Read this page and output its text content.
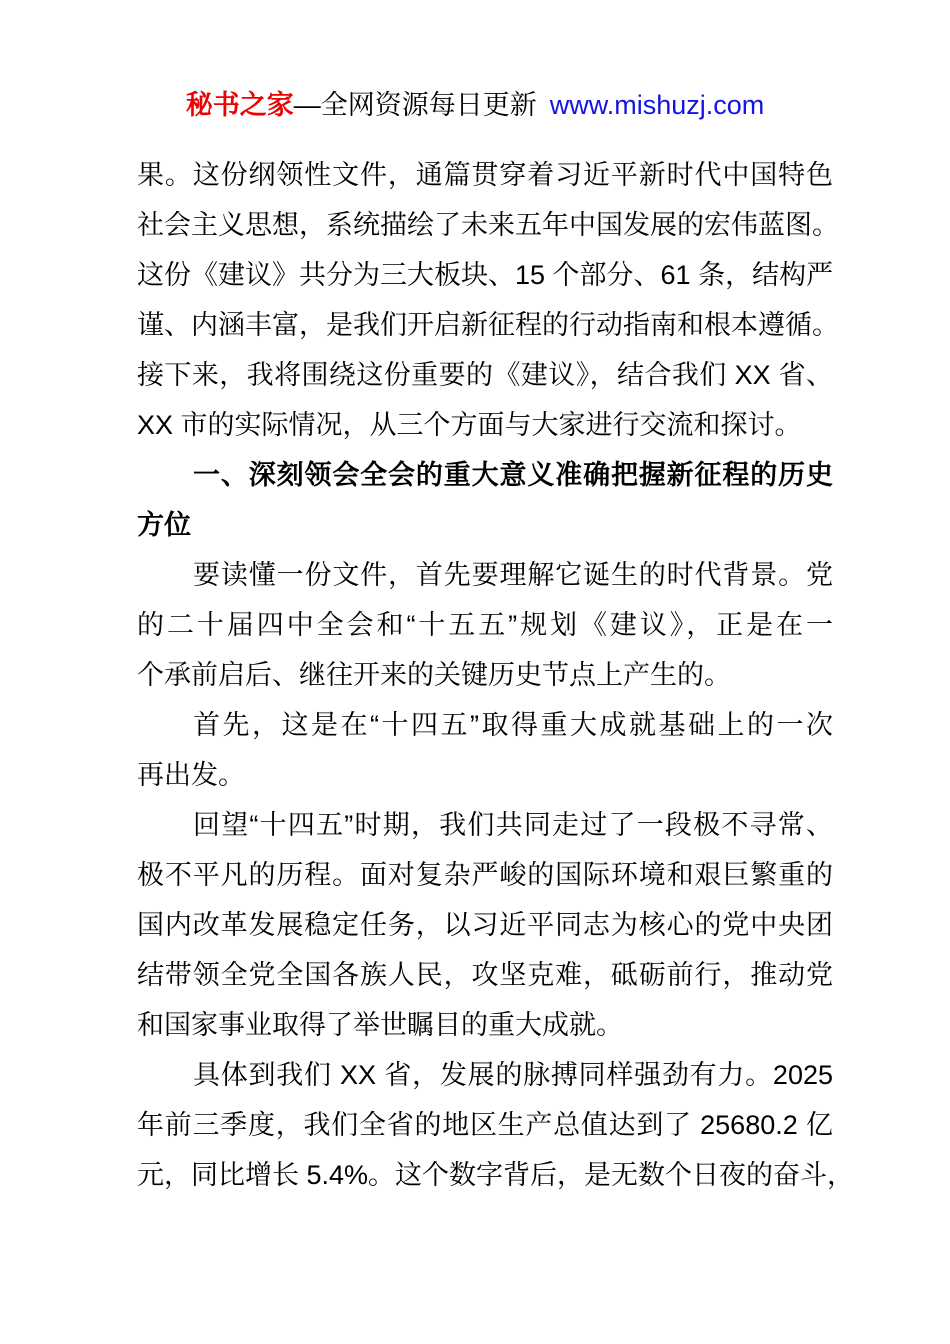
秘书之家—全网资源每日更新 www.mishuzj.com
果。这份纲领性文件，通篇贯穿着习近平新时代中国特色
社会主义思想，系统描绘了未来五年中国发展的宏伟蓝图。
这份《建议》共分为三大板块、15 个部分、61 条，结构严
谨、内涵丰富，是我们开启新征程的行动指南和根本遵循。
接下来，我将围绕这份重要的《建议》，结合我们 XX 省、
XX 市的实际情况，从三个方面与大家进行交流和探讨。
一、深刻领会全会的重大意义准确把握新征程的历史
方位
要读懂一份文件，首先要理解它诞生的时代背景。党
的二十届四中全会和“十五五”规划《建议》，正是在一
个承前启后、继往开来的关键历史节点上产生的。
首先，这是在“十四五”取得重大成就基础上的一次
再出发。
回望“十四五”时期，我们共同走过了一段极不寻常、
极不平凡的历程。面对复杂严峻的国际环境和艰巨繁重的
国内改革发展稳定任务，以习近平同志为核心的党中央团
结带领全党全国各族人民，攻坚克难，砥砺前行，推动党
和国家事业取得了举世瞩目的重大成就。
具体到我们 XX 省，发展的脉搏同样强劲有力。2025
年前三季度，我们全省的地区生产总值达到了 25680.2 亿
元，同比增长 5.4%。这个数字背后，是无数个日夜的奋斗，
